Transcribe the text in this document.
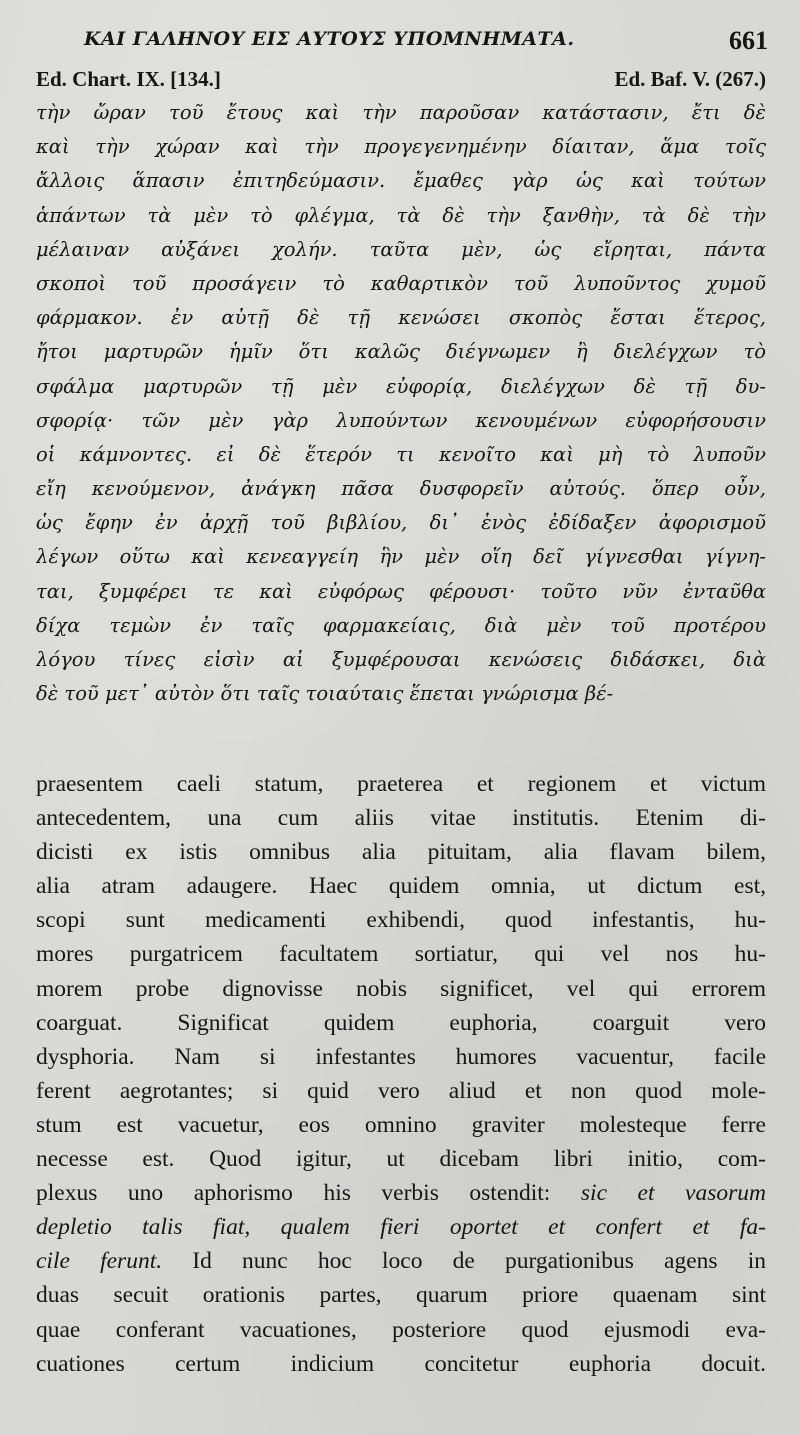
ΚΑΙ ΓΑΛΗΝΟΥ ΕΙΣ ΑΥΤΟΥΣ ΥΠΟΜΝΗΜΑΤΑ.	661
Ed. Chart. IX. [134.]	Ed. Baf. V. (267.)
τὴν ὤραν τοῦ ἔτους καὶ τὴν παροῦσαν κατάστασιν, ἔτι δὲ
καὶ τὴν χώραν καὶ τὴν προγεγενημένην δίαιταν, ἅμα τοῖς
ἄλλοις ἅπασιν ἐπιτηδεύμασιν. ἔμαθες γὰρ ὡς καὶ τούτων
ἁπάντων τὰ μὲν τὸ φλέγμα, τὰ δὲ τὴν ξανθὴν, τὰ δὲ τὴν
μέλαιναν αὐξάνει χολήν. ταῦτα μὲν, ὡς εἴρηται, πάντα
σκοποὶ τοῦ προσάγειν τὸ καθαρτικὸν τοῦ λυποῦντος χυμοῦ
φάρμακον. ἐν αὐτῇ δὲ τῇ κενώσει σκοπὸς ἔσται ἕτερος,
ἤτοι μαρτυρῶν ἡμῖν ὅτι καλῶς διέγνωμεν ἢ διελέγχων τὸ
σφάλμα μαρτυρῶν τῇ μὲν εὐφορίᾳ, διελέγχων δὲ τῇ δυ-
σφορίᾳ· τῶν μὲν γὰρ λυπούντων κενουμένων εὐφορήσουσιν
οἱ κάμνοντες. εἰ δὲ ἕτερόν τι κενοῖτο καὶ μὴ τὸ λυποῦν
εἴη κενούμενον, ἀνάγκη πᾶσα δυσφορεῖν αὐτούς. ὅπερ οὖν,
ὡς ἔφην ἐν ἀρχῇ τοῦ βιβλίου, δι᾽ ἑνὸς ἐδίδαξεν ἀφορισμοῦ
λέγων οὕτω καὶ κενεαγγείη ἣν μὲν οἵη δεῖ γίγνεσθαι γίγνη-
ται, ξυμφέρει τε καὶ εὐφόρως φέρουσι· τοῦτο νῦν ἐνταῦθα
δίχα τεμὼν ἐν ταῖς φαρμακείαις, διὰ μὲν τοῦ προτέρου
λόγου τίνες εἰσὶν αἱ ξυμφέρουσαι κενώσεις διδάσκει, διὰ
δὲ τοῦ μετ᾽ αὐτὸν ὅτι ταῖς τοιαύταις ἕπεται γνώρισμα βέ-
praesentem caeli statum, praeterea et regionem et victum
antecedentem, una cum aliis vitae institutis. Etenim di-
dicisti ex istis omnibus alia pituitam, alia flavam bilem,
alia atram adaugere. Haec quidem omnia, ut dictum est,
scopi sunt medicamenti exhibendi, quod infestantis, hu-
mores purgatricem facultatem sortiatur, qui vel nos hu-
morem probe dignovisse nobis significet, vel qui errorem
coarguat. Significat quidem euphoria, coarguit vero
dysphoria. Nam si infestantes humores vacuentur, facile
ferent aegrotantes; si quid vero aliud et non quod mole-
stum est vacuetur, eos omnino graviter molesteque ferre
necesse est. Quod igitur, ut dicebam libri initio, com-
plexus uno aphorismo his verbis ostendit: sic et vasorum
depletio talis fiat, qualem fieri oportet et confert et fa-
cile ferunt. Id nunc hoc loco de purgationibus agens in
duas secuit orationis partes, quarum priore quaenam sint
quae conferant vacuationes, posteriore quod ejusmodi eva-
cuationes certum indicium concitetur euphoria docuit.
